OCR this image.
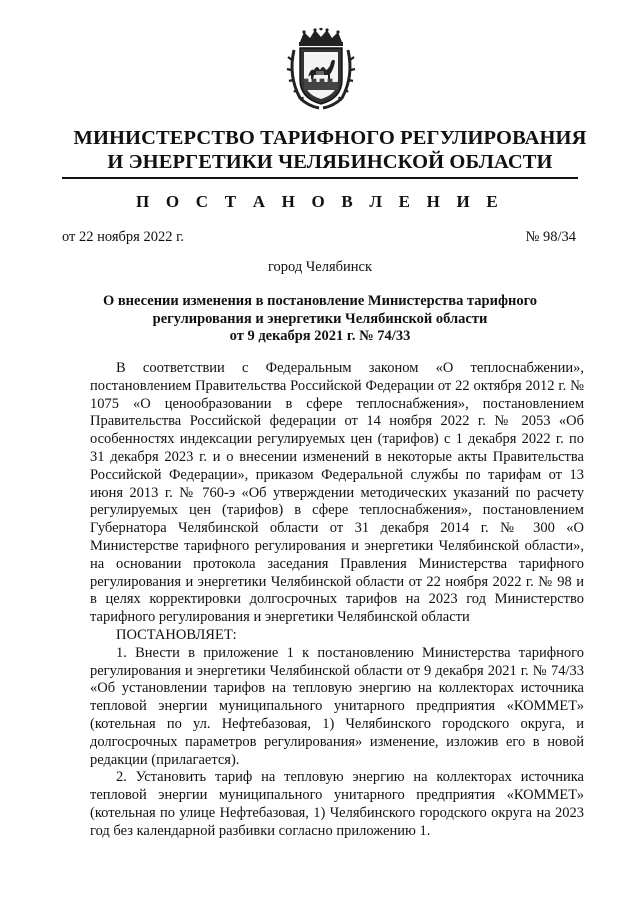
МИНИСТЕРСТВО ТАРИФНОГО РЕГУЛИРОВАНИЯ
И ЭНЕРГЕТИКИ ЧЕЛЯБИНСКОЙ ОБЛАСТИ
П О С Т А Н О В Л Е Н И Е
от 22 ноября 2022 г.	№ 98/34
город Челябинск
О внесении изменения в постановление Министерства тарифного
регулирования и энергетики Челябинской области
от 9 декабря 2021 г. № 74/33

В соответствии с Федеральным законом «О теплоснабжении», постановлением Правительства Российской Федерации от 22 октября 2012 г. № 1075 «О ценообразовании в сфере теплоснабжения», постановлением Правительства Российской федерации от 14 ноября 2022 г. № 2053 «Об особенностях индексации регулируемых цен (тарифов) с 1 декабря 2022 г. по 31 декабря 2023 г. и о внесении изменений в некоторые акты Правительства Российской Федерации», приказом Федеральной службы по тарифам от 13 июня 2013 г. № 760-э «Об утверждении методических указаний по расчету регулируемых цен (тарифов) в сфере теплоснабжения», постановлением Губернатора Челябинской области от 31 декабря 2014 г. № 300 «О Министерстве тарифного регулирования и энергетики Челябинской области», на основании протокола заседания Правления Министерства тарифного регулирования и энергетики Челябинской области от 22 ноября 2022 г. № 98 и в целях корректировки долгосрочных тарифов на 2023 год Министерство тарифного регулирования и энергетики Челябинской области

ПОСТАНОВЛЯЕТ:

1. Внести в приложение 1 к постановлению Министерства тарифного регулирования и энергетики Челябинской области от 9 декабря 2021 г. № 74/33 «Об установлении тарифов на тепловую энергию на коллекторах источника тепловой энергии муниципального унитарного предприятия «КОММЕТ» (котельная по ул. Нефтебазовая, 1) Челябинского городского округа, и долгосрочных параметров регулирования» изменение, изложив его в новой редакции (прилагается).

2. Установить тариф на тепловую энергию на коллекторах источника тепловой энергии муниципального унитарного предприятия «КОММЕТ» (котельная по улице Нефтебазовая, 1) Челябинского городского округа на 2023 год без календарной разбивки согласно приложению 1.
